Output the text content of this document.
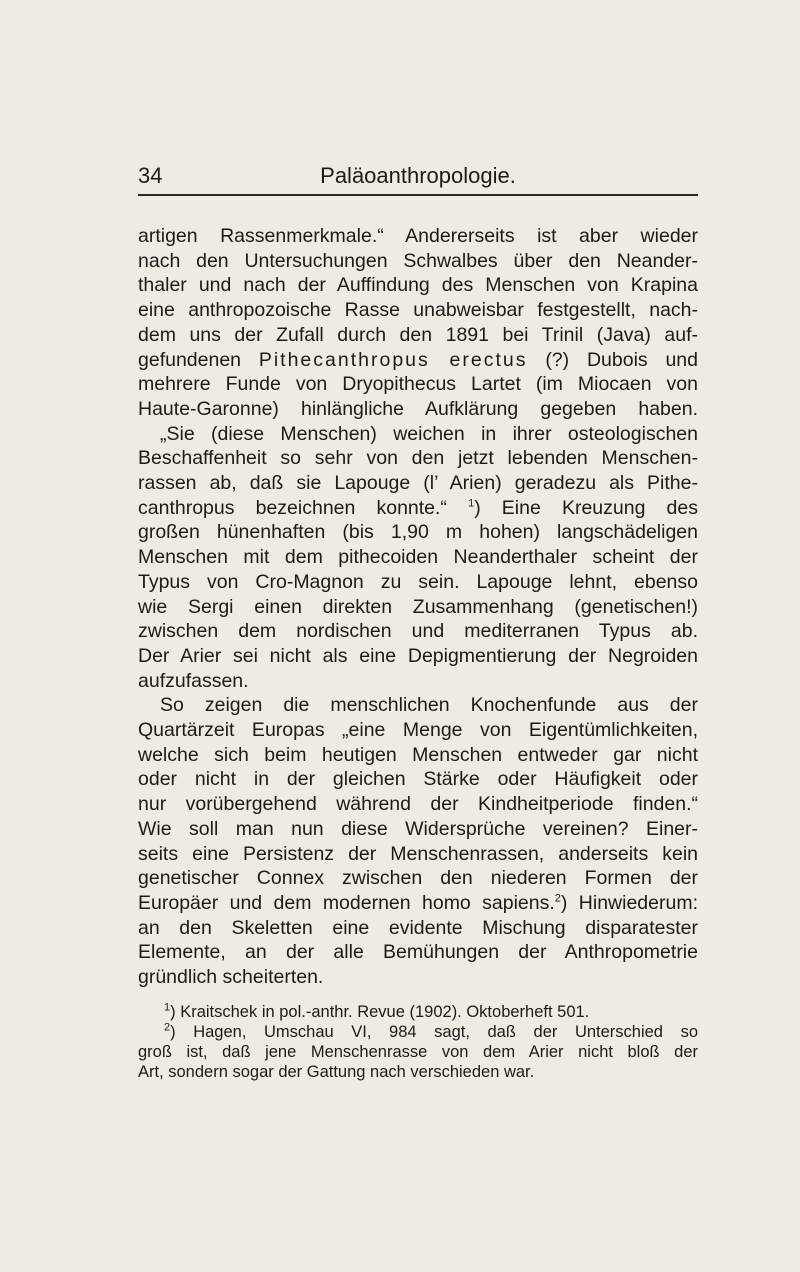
34	Paläoanthropologie.
artigen Rassenmerkmale.“ Andererseits ist aber wieder
nach den Untersuchungen Schwalbes über den Neander-
thaler und nach der Auffindung des Menschen von Krapina
eine anthropozoische Rasse unabweisbar festgestellt, nach-
dem uns der Zufall durch den 1891 bei Trinil (Java) auf-
gefundenen Pithecanthropus erectus (?) Dubois und
mehrere Funde von Dryopithecus Lartet (im Miocaen von
Haute-Garonne) hinlängliche Aufklärung gegeben haben.
„Sie (diese Menschen) weichen in ihrer osteologischen
Beschaffenheit so sehr von den jetzt lebenden Menschen-
rassen ab, daß sie Lapouge (l’ Arien) geradezu als Pithe-
canthropus bezeichnen konnte.“ $^1$) Eine Kreuzung des
großen hünenhaften (bis 1,90 m hohen) langschädeligen
Menschen mit dem pithecoiden Neanderthaler scheint der
Typus von Cro-Magnon zu sein. Lapouge lehnt, ebenso
wie Sergi einen direkten Zusammenhang (genetischen!)
zwischen dem nordischen und mediterranen Typus ab.
Der Arier sei nicht als eine Depigmentierung der Negroiden
aufzufassen.
So zeigen die menschlichen Knochenfunde aus der
Quartärzeit Europas „eine Menge von Eigentümlichkeiten,
welche sich beim heutigen Menschen entweder gar nicht
oder nicht in der gleichen Stärke oder Häufigkeit oder
nur vorübergehend während der Kindheitperiode finden.“
Wie soll man nun diese Widersprüche vereinen? Einer-
seits eine Persistenz der Menschenrassen, anderseits kein
genetischer Connex zwischen den niederen Formen der
Europäer und dem modernen homo sapiens.$^2$) Hinwiederum:
an den Skeletten eine evidente Mischung disparatester
Elemente, an der alle Bemühungen der Anthropometrie
gründlich scheiterten.
$^1$) Kraitschek in pol.-anthr. Revue (1902). Oktoberheft 501.
$^2$) Hagen, Umschau VI, 984 sagt, daß der Unterschied so
groß ist, daß jene Menschenrasse von dem Arier nicht bloß der
Art, sondern sogar der Gattung nach verschieden war.
